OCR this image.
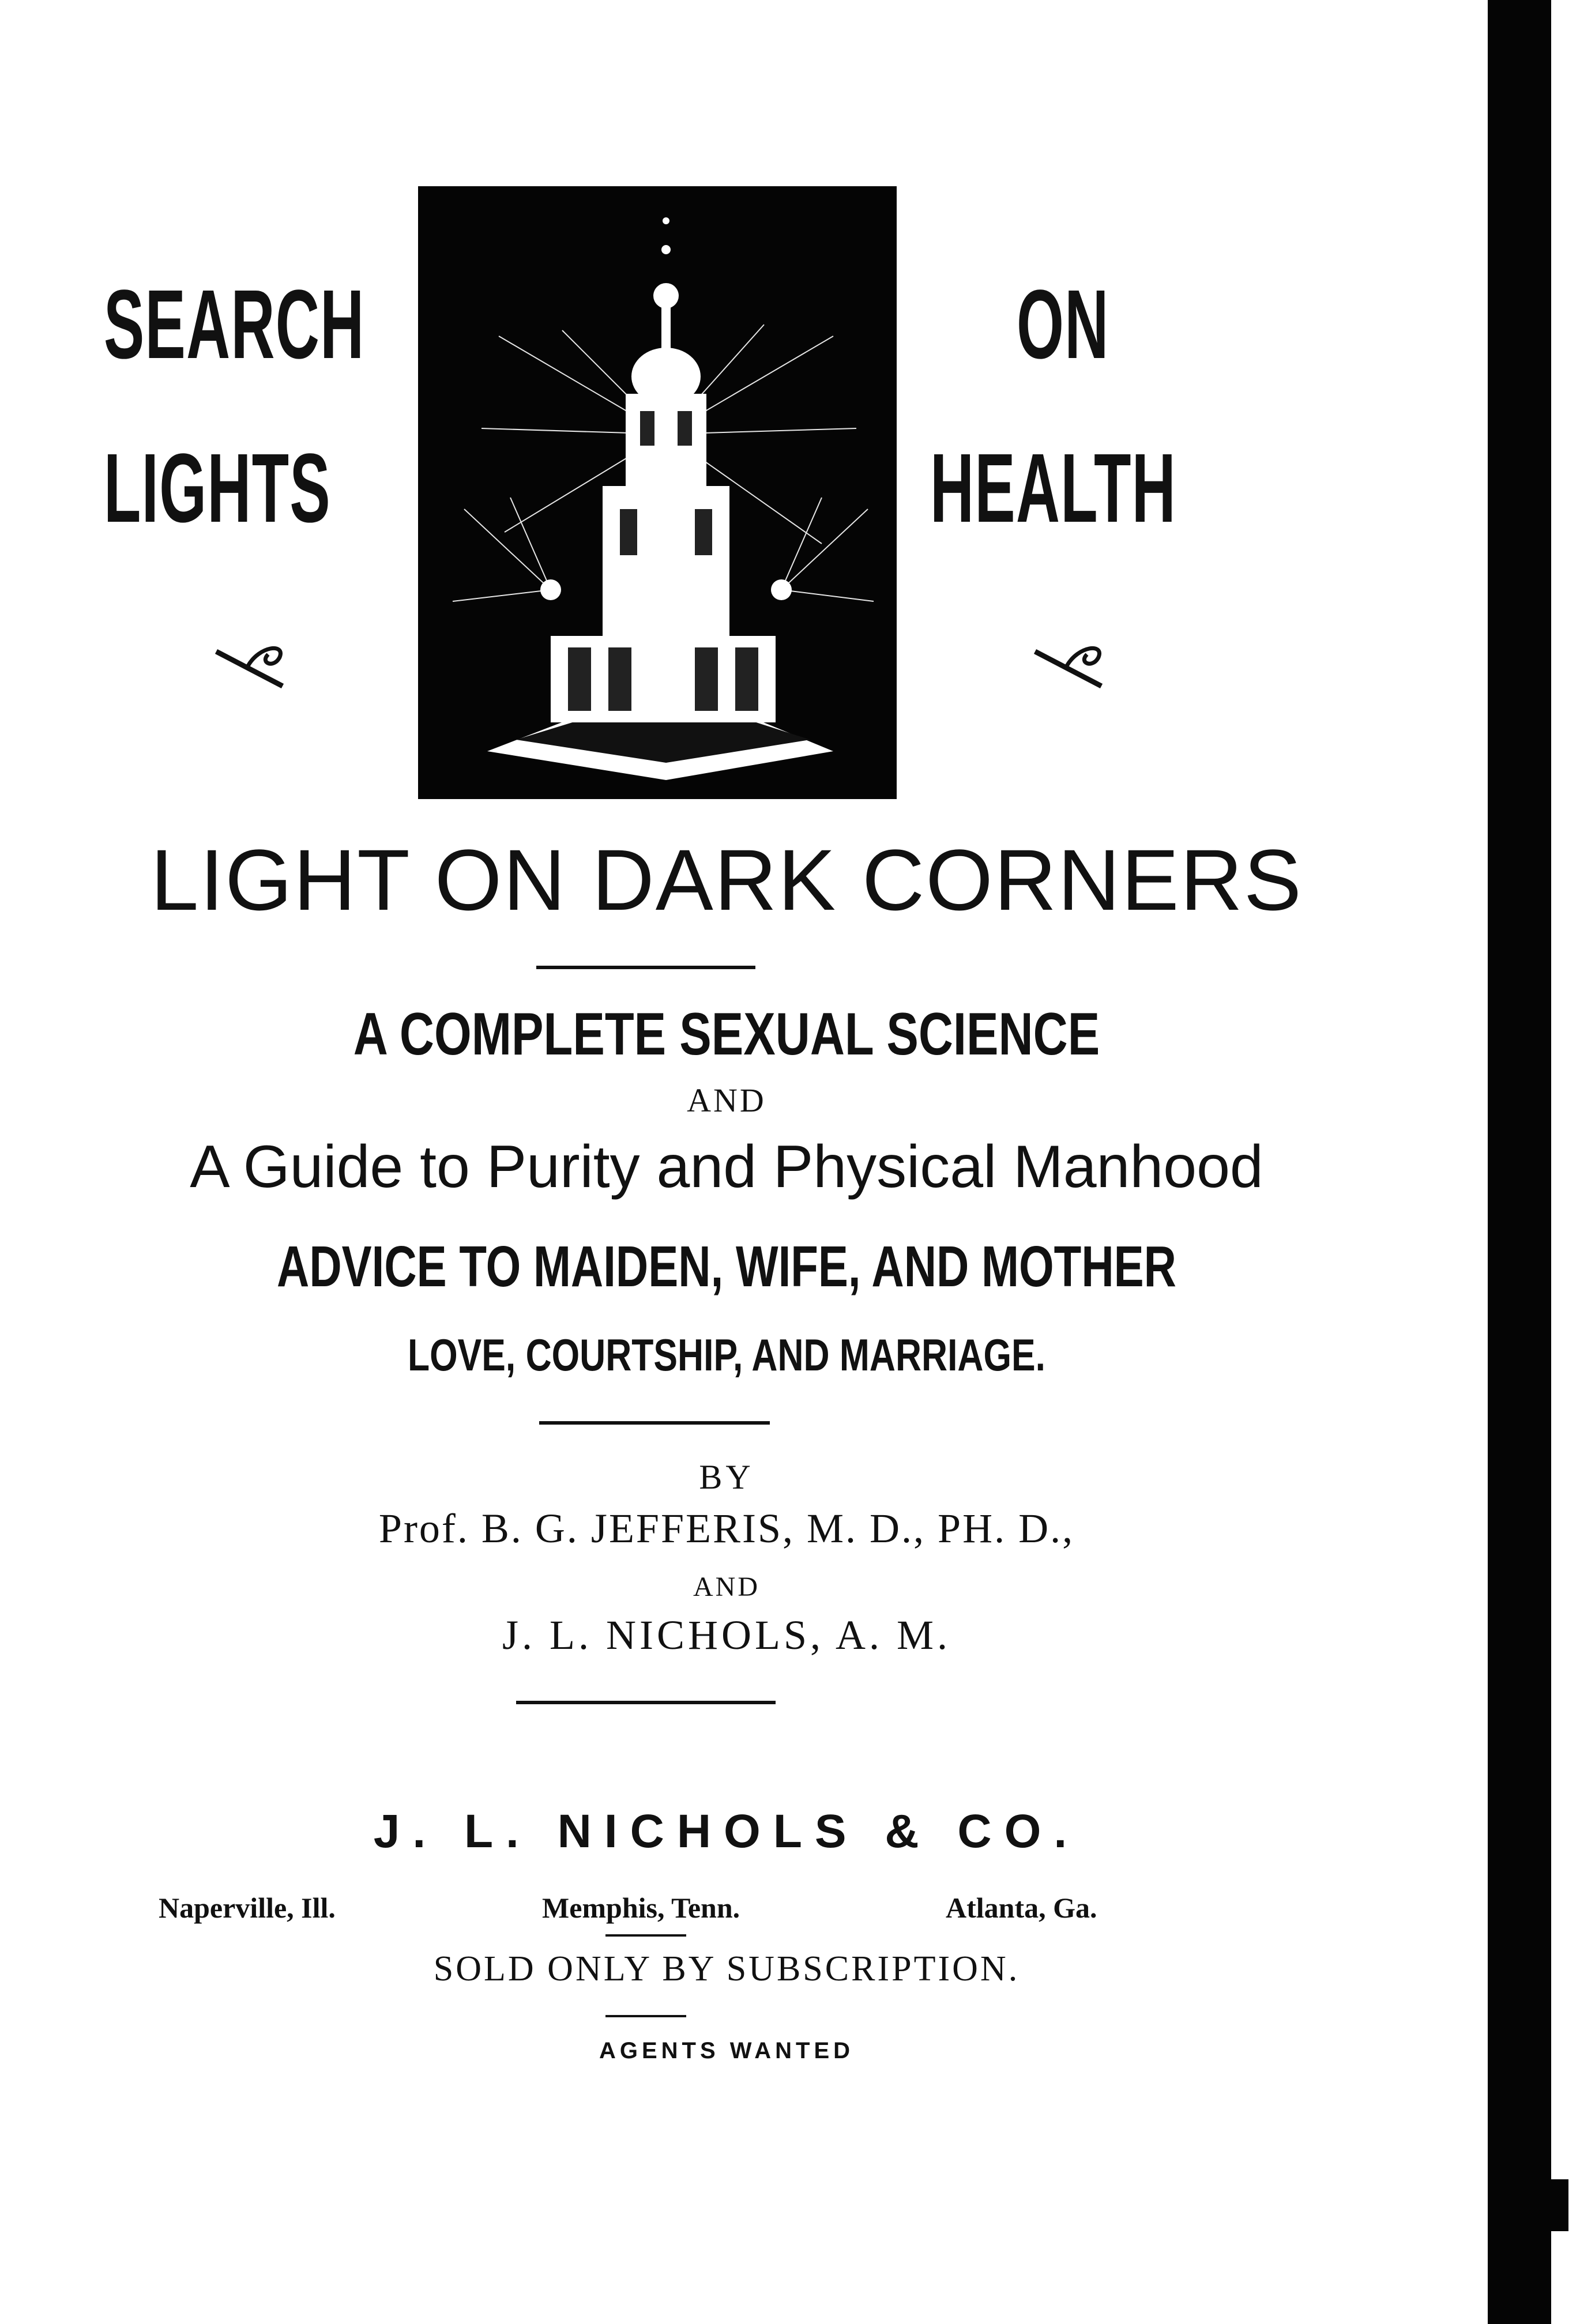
SEARCH
LIGHTS
ON
HEALTH
LIGHT ON DARK CORNERS
A COMPLETE SEXUAL SCIENCE
AND
A Guide to Purity and Physical Manhood
ADVICE TO MAIDEN, WIFE, AND MOTHER
LOVE, COURTSHIP, AND MARRIAGE.
BY
Prof. B. G. JEFFERIS, M. D., PH. D.,
AND
J. L. NICHOLS, A. M.
J. L. NICHOLS & CO.
Naperville, Ill.	Memphis, Tenn.	Atlanta, Ga.
SOLD ONLY BY SUBSCRIPTION.
AGENTS WANTED
